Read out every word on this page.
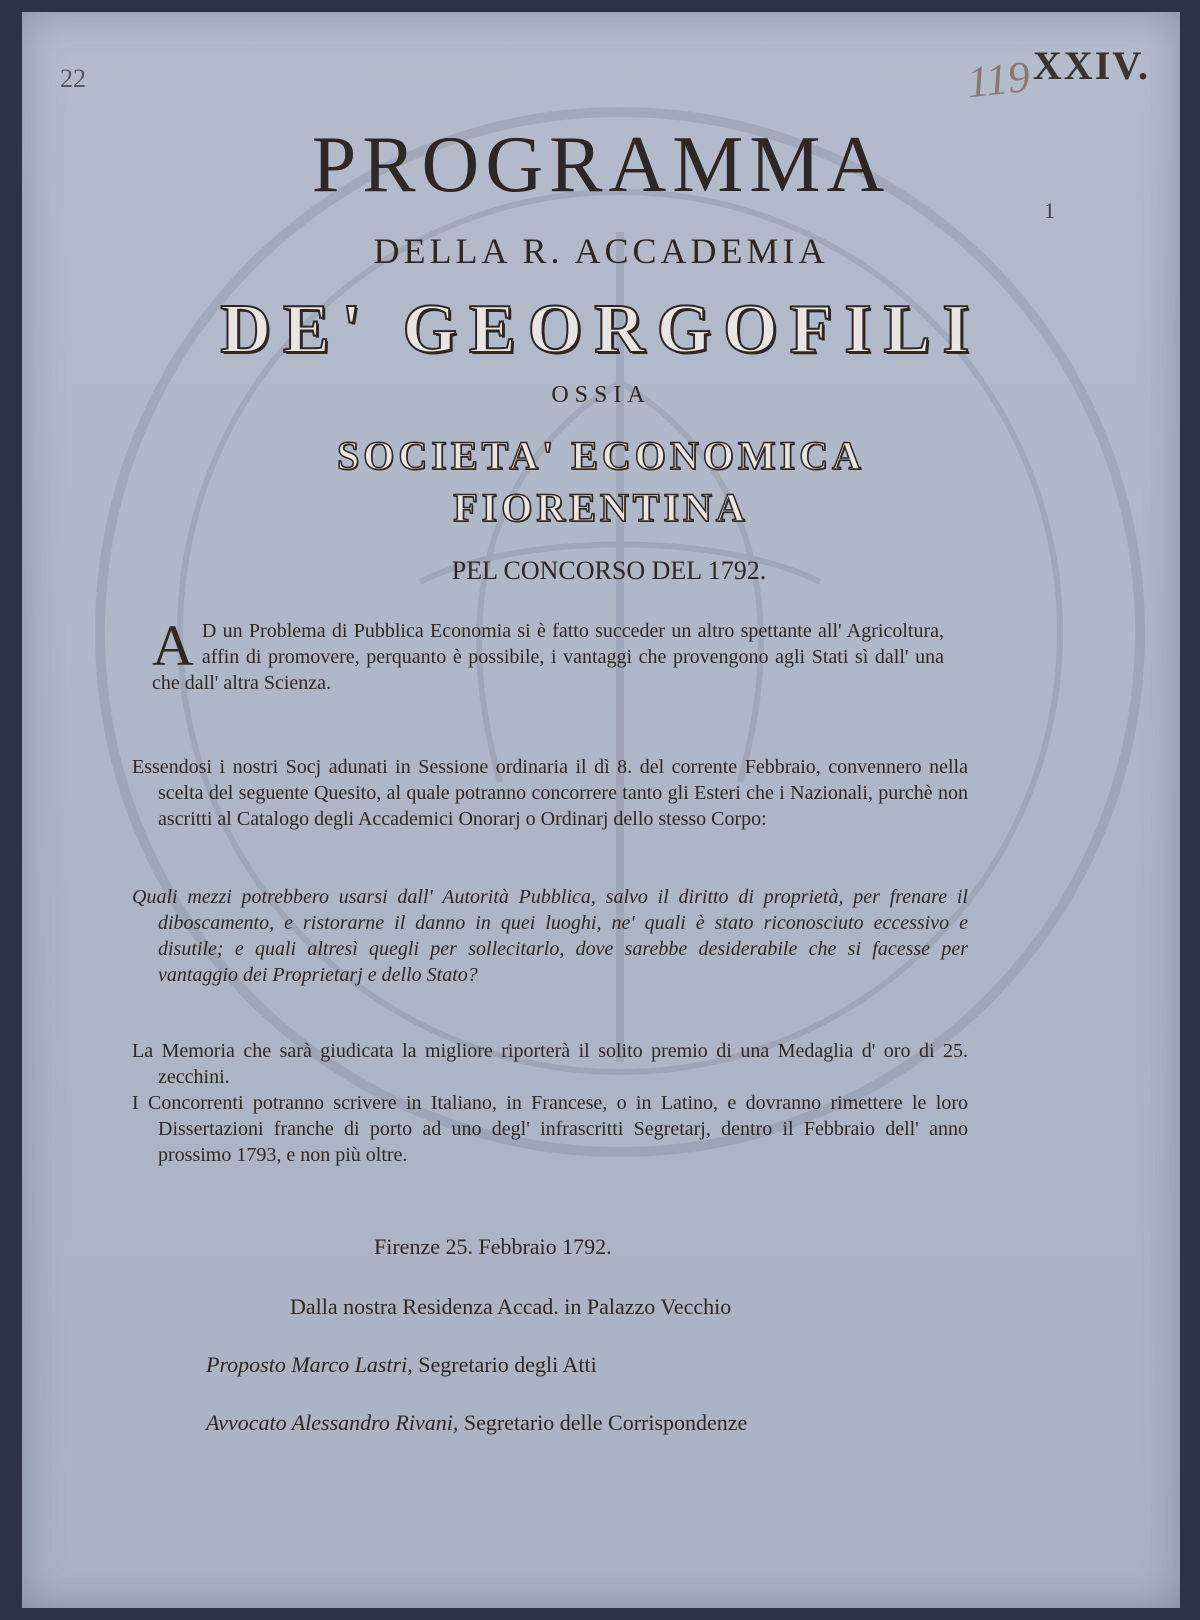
22	119 XXIV.
1
PROGRAMMA
DELLA R. ACCADEMIA
DE' GEORGOFILI
OSSIA
SOCIETA' ECONOMICA
FIORENTINA
PEL CONCORSO DEL 1792.
A D un Problema di Pubblica Economia si è fatto succeder un altro spettante all' Agricoltura, affin di promovere, perquanto è possibile, i vantaggi che provengono agli Stati sì dall' una che dall' altra Scienza.
Essendosi i nostri Socj adunati in Sessione ordinaria il dì 8. del corrente Febbraio, convennero nella scelta del seguente Quesito, al quale potranno concorrere tanto gli Esteri che i Nazionali, purchè non ascritti al Catalogo degli Accademici Onorarj o Ordinarj dello stesso Corpo:
Quali mezzi potrebbero usarsi dall' Autorità Pubblica, salvo il diritto di proprietà, per frenare il diboscamento, e ristorarne il danno in quei luoghi, ne' quali è stato riconosciuto eccessivo e disutile; e quali altresì quegli per sollecitarlo, dove sarebbe desiderabile che si facesse per vantaggio dei Proprietarj e dello Stato?
La Memoria che sarà giudicata la migliore riporterà il solito premio di una Medaglia d' oro di 25. zecchini.
I Concorrenti potranno scrivere in Italiano, in Francese, o in Latino, e dovranno rimettere le loro Dissertazioni franche di porto ad uno degl' infrascritti Segretarj, dentro il Febbraio dell' anno prossimo 1793, e non più oltre.
Firenze 25. Febbraio 1792.
Dalla nostra Residenza Accad. in Palazzo Vecchio
Proposto Marco Lastri, Segretario degli Atti
Avvocato Alessandro Rivani, Segretario delle Corrispondenze
